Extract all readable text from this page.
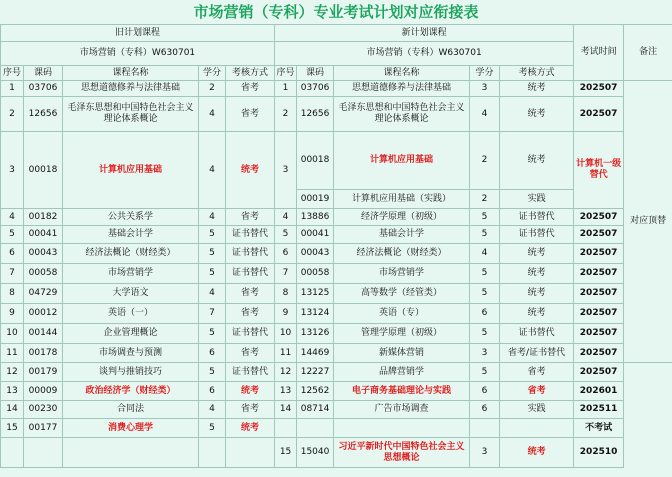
市场营销（专科）专业考试计划对应衔接表
旧计划课程					新计划课程					考试时间	备注	
市场营销（专科）W630701					市场营销（专科）W630701							
序号	课码	课程名称	学分	考核方式	序号	课码	课程名称	学分	考核方式			
1	03706	思想道德修养与法律基础	2	省考	1	03706	思想道德修养与法律基础	3	统考	202507	对应顶替	
2	12656	毛泽东思想和中国特色社会主义理论体系概论	4	省考	2	12656	毛泽东思想和中国特色社会主义理论体系概论	4	统考	202507		
3	00018	计算机应用基础	4	统考	3	00018	计算机应用基础	2	统考	计算机一级替代		
						00019	计算机应用基础（实践）	2	实践			
4	00182	公共关系学	4	省考	4	13886	经济学原理（初级）	5	证书替代	202507		
5	00041	基础会计学	5	证书替代	5	00041	基础会计学	5	证书替代	202507		
6	00043	经济法概论（财经类）	5	证书替代	6	00043	经济法概论（财经类）	4	统考	202507		
7	00058	市场营销学	5	证书替代	7	00058	市场营销学	5	统考	202507		
8	04729	大学语文	4	省考	8	13125	高等数学（经管类）	5	统考	202507		
9	00012	英语（一）	7	省考	9	13124	英语（专）	6	统考	202507		
10	00144	企业管理概论	5	证书替代	10	13126	管理学原理（初级）	5	证书替代	202507		
11	00178	市场调查与预测	6	省考	11	14469	新媒体营销	3	省考/证书替代	202507	
12	00179	谈判与推销技巧	5	证书替代	12	12227	品牌营销学	5	省考	202507		
13	00009	政治经济学（财经类）	6	统考	13	12562	电子商务基础理论与实践	6	省考	202601		
14	00230	合同法	4	省考	14	08714	广告市场调查	6	实践	202511		
15	00177	消费心理学	5	统考						不考试		
					15	15040	习近平新时代中国特色社会主义思想概论	3	统考	202510		
